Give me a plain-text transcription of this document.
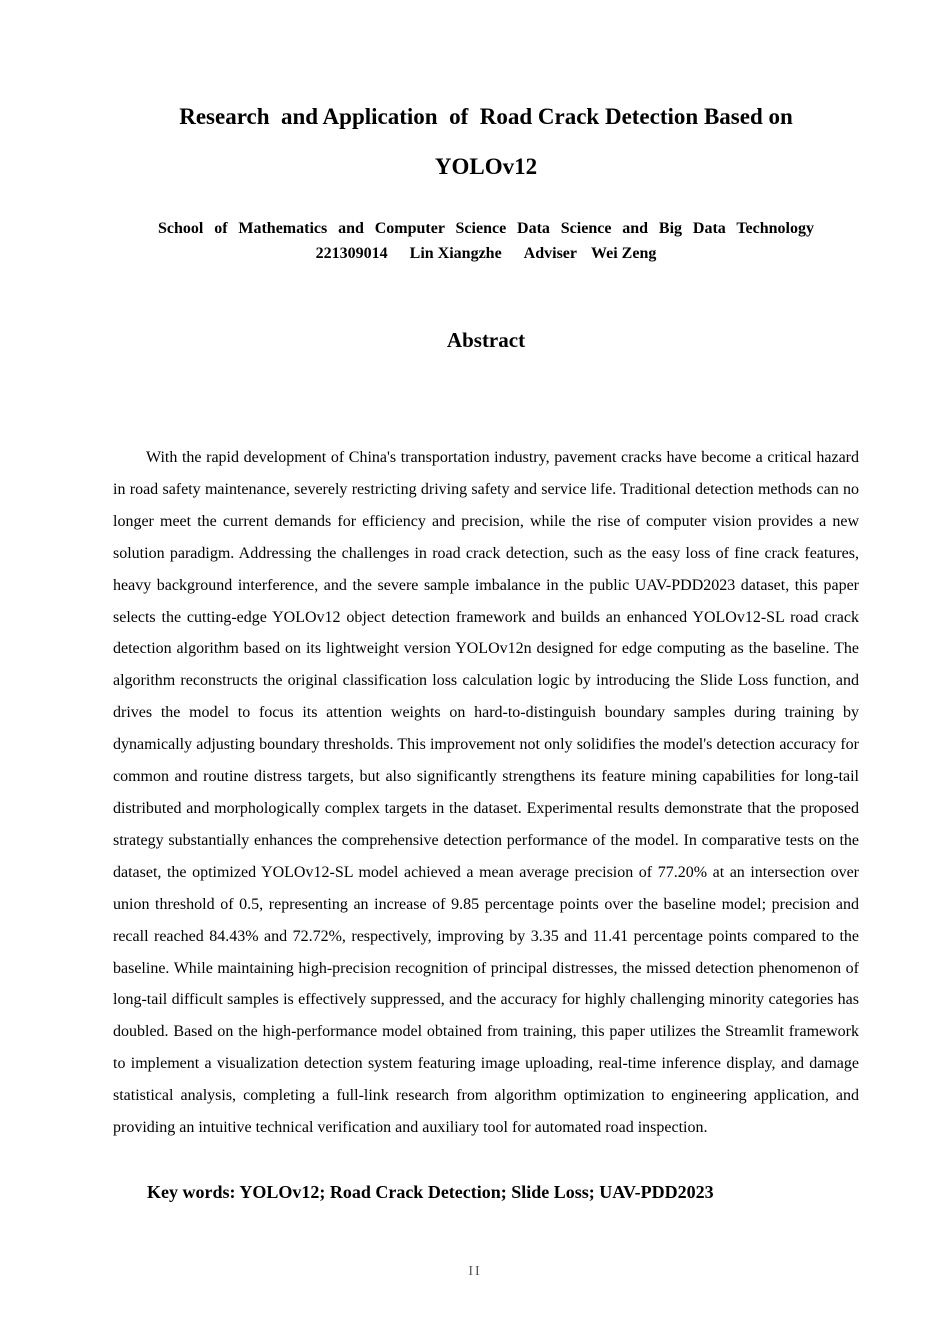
Research  and Application  of  Road Crack Detection Based on
YOLOv12
School of Mathematics and Computer Science Data Science and Big Data Technology
221309014 Lin Xiangzhe Adviser Wei Zeng
Abstract

With the rapid development of China's transportation industry, pavement cracks have become a critical hazard in road safety maintenance, severely restricting driving safety and service life. Traditional detection methods can no longer meet the current demands for efficiency and precision, while the rise of computer vision provides a new solution paradigm. Addressing the challenges in road crack detection, such as the easy loss of fine crack features, heavy background interference, and the severe sample imbalance in the public UAV-PDD2023 dataset, this paper selects the cutting-edge YOLOv12 object detection framework and builds an enhanced YOLOv12-SL road crack detection algorithm based on its lightweight version YOLOv12n designed for edge computing as the baseline. The algorithm reconstructs the original classification loss calculation logic by introducing the Slide Loss function, and drives the model to focus its attention weights on hard-to-distinguish boundary samples during training by dynamically adjusting boundary thresholds. This improvement not only solidifies the model's detection accuracy for common and routine distress targets, but also significantly strengthens its feature mining capabilities for long-tail distributed and morphologically complex targets in the dataset. Experimental results demonstrate that the proposed strategy substantially enhances the comprehensive detection performance of the model. In comparative tests on the dataset, the optimized YOLOv12-SL model achieved a mean average precision of 77.20% at an intersection over union threshold of 0.5, representing an increase of 9.85 percentage points over the baseline model; precision and recall reached 84.43% and 72.72%, respectively, improving by 3.35 and 11.41 percentage points compared to the baseline. While maintaining high-precision recognition of principal distresses, the missed detection phenomenon of long-tail difficult samples is effectively suppressed, and the accuracy for highly challenging minority categories has doubled. Based on the high-performance model obtained from training, this paper utilizes the Streamlit framework to implement a visualization detection system featuring image uploading, real-time inference display, and damage statistical analysis, completing a full-link research from algorithm optimization to engineering application, and providing an intuitive technical verification and auxiliary tool for automated road inspection.

Key words: YOLOv12; Road Crack Detection; Slide Loss; UAV-PDD2023

II
